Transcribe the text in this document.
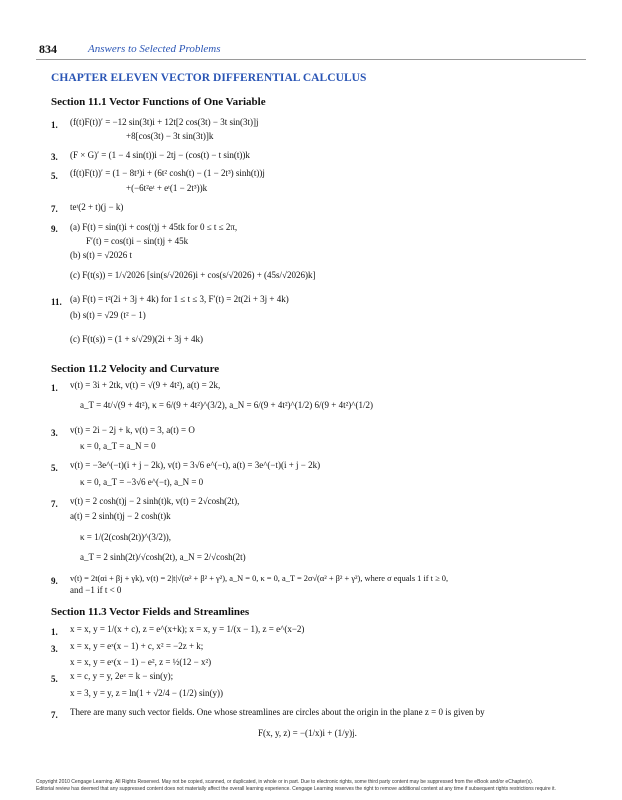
834	Answers to Selected Problems
CHAPTER ELEVEN VECTOR DIFFERENTIAL CALCULUS
Section 11.1 Vector Functions of One Variable
1. (f(t)F(t))′ = −12 sin(3t)i + 12t[2 cos(3t) − 3t sin(3t)]j
+8[cos(3t) − 3t sin(3t)]k
3. (F × G)′ = (1 − 4 sin(t))i − 2tj − (cos(t) − t sin(t))k
5. (f(t)F(t))′ = (1 − 8t³)i + (6t² cosh(t) − (1 − 2t³) sinh(t))j
+(−6t²eᵗ + eᵗ(1 − 2t³))k
7. teᵗ(2 + t)(j − k)
9. (a) F(t) = sin(t)i + cos(t)j + 45tk for 0 ≤ t ≤ 2π,
F′(t) = cos(t)i − sin(t)j + 45k
(b) s(t) = √2026 t
(c) F(t(s)) = 1/√2026 [sin(s/√2026)i + cos(s/√2026) + (45s/√2026)k]
11. (a) F(t) = t²(2i + 3j + 4k) for 1 ≤ t ≤ 3, F′(t) = 2t(2i + 3j + 4k)
(b) s(t) = √29 (t² − 1)
(c) F(t(s)) = (1 + s/√29)(2i + 3j + 4k)
Section 11.2 Velocity and Curvature
1. v(t) = 3i + 2tk, v(t) = √(9 + 4t²), a(t) = 2k,
a_T = 4t/√(9 + 4t²), κ = 6/(9 + 4t²)^(3/2), a_N = 6/(9 + 4t²)^(1/2) 6/(9 + 4t²)^(1/2)
3. v(t) = 2i − 2j + k, v(t) = 3, a(t) = O
κ = 0, a_T = a_N = 0
5. v(t) = −3e^(−t)(i + j − 2k), v(t) = 3√6 e^(−t), a(t) = 3e^(−t)(i + j − 2k)
κ = 0, a_T = −3√6 e^(−t), a_N = 0
7. v(t) = 2 cosh(t)j − 2 sinh(t)k, v(t) = 2√cosh(2t),
a(t) = 2 sinh(t)j − 2 cosh(t)k
κ = 1/(2(cosh(2t))^(3/2)),
a_T = 2 sinh(2t)/√cosh(2t), a_N = 2/√cosh(2t)
9. v(t) = 2t(αi + βj + γk), v(t) = 2|t|√(α² + β² + γ²), a_N = 0, κ = 0, a_T = 2σ√(α² + β² + γ²), where σ equals 1 if t ≥ 0,
and −1 if t < 0
Section 11.3 Vector Fields and Streamlines
1. x = x, y = 1/(x + c), z = e^(x+k); x = x, y = 1/(x − 1), z = e^(x−2)
3. x = x, y = eˣ(x − 1) + c, x² = −2z + k;
x = x, y = eˣ(x − 1) − e², z = ½(12 − x²)
5. x = c, y = y, 2eᶻ = k − sin(y);
x = 3, y = y, z = ln(1 + √2/4 − (1/2) sin(y))
7. There are many such vector fields. One whose streamlines are circles about the origin in the plane z = 0 is given by
F(x, y, z) = −(1/x)i + (1/y)j.
Copyright 2010 Cengage Learning. All Rights Reserved. May not be copied, scanned, or duplicated, in whole or in part. Due to electronic rights, some third party content may be suppressed from the eBook and/or eChapter(s).
Editorial review has deemed that any suppressed content does not materially affect the overall learning experience. Cengage Learning reserves the right to remove additional content at any time if subsequent rights restrictions require it.
